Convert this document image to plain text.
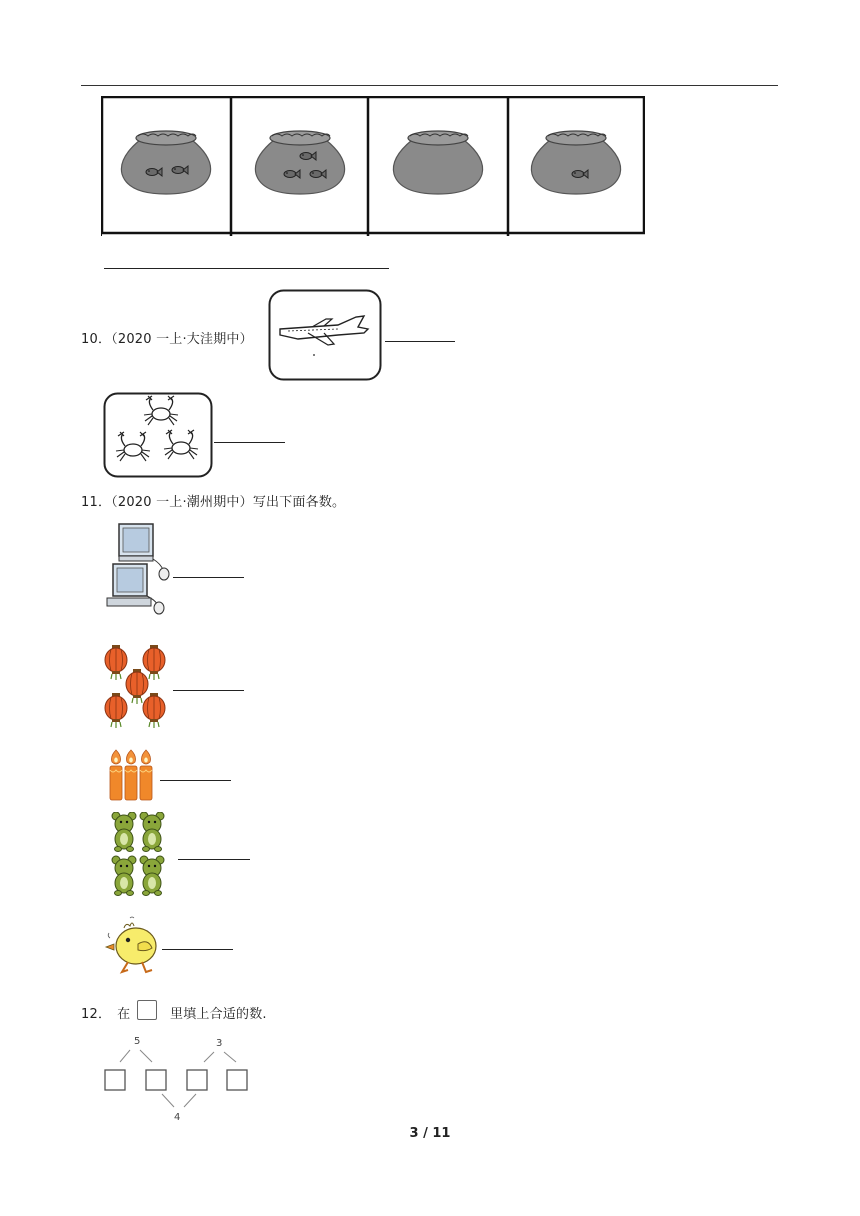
10．（2020 一上·大洼期中）
11．（2020 一上·潮州期中）写出下面各数。
12． 在	里填上合适的数.
5	3
4
3 / 11
